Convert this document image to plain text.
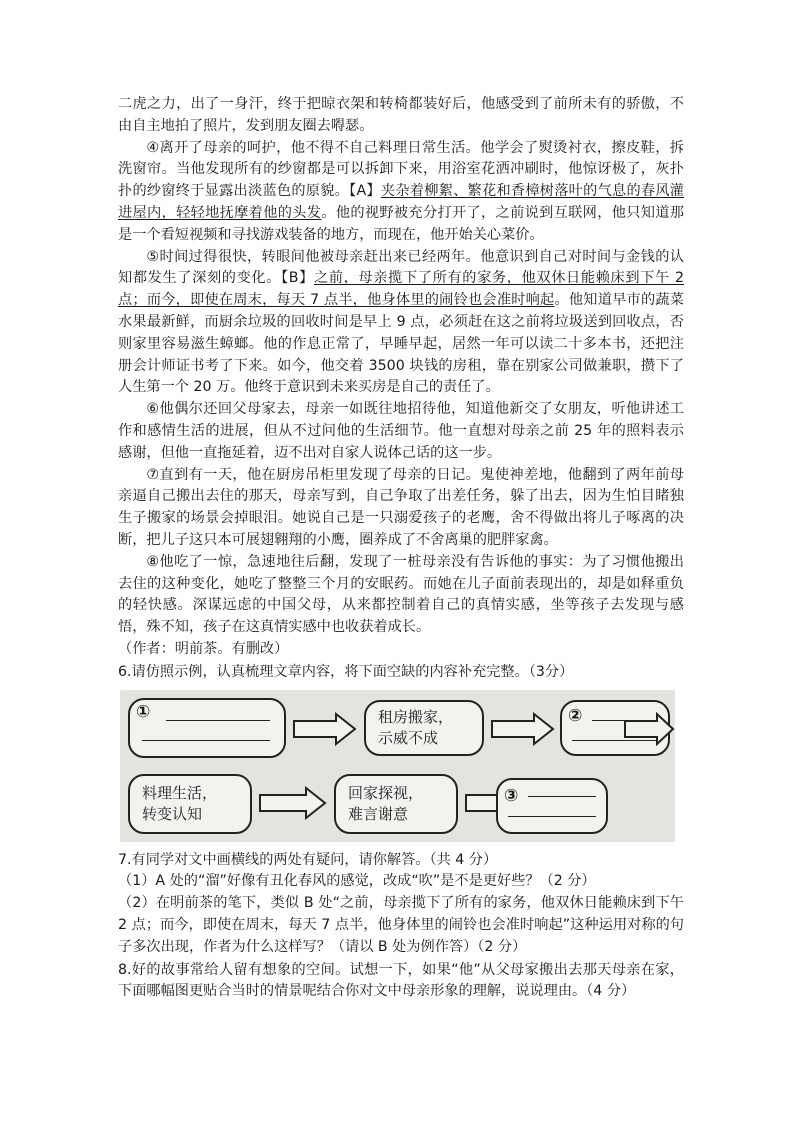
二虎之力，出了一身汗，终于把晾衣架和转椅都装好后，他感受到了前所未有的骄傲，不由自主地拍了照片，发到朋友圈去嘚瑟。

④离开了母亲的呵护，他不得不自己料理日常生活。他学会了熨烫衬衣，擦皮鞋，拆洗窗帘。当他发现所有的纱窗都是可以拆卸下来，用浴室花洒冲刷时，他惊讶极了，灰扑扑的纱窗终于显露出淡蓝色的原貌。【A】夹杂着柳絮、繁花和香樟树落叶的气息的春风灌进屋内，轻轻地抚摩着他的头发。他的视野被充分打开了，之前说到互联网，他只知道那是一个看短视频和寻找游戏装备的地方，而现在，他开始关心菜价。

⑤时间过得很快，转眼间他被母亲赶出来已经两年。他意识到自己对时间与金钱的认知都发生了深刻的变化。【B】之前，母亲揽下了所有的家务，他双休日能赖床到下午 2 点；而今，即使在周末，每天 7 点半，他身体里的闹铃也会准时响起。他知道早市的蔬菜水果最新鲜，而厨余垃圾的回收时间是早上 9 点，必须赶在这之前将垃圾送到回收点，否则家里容易滋生蟑螂。他的作息正常了，早睡早起，居然一年可以读二十多本书，还把注册会计师证书考了下来。如今，他交着 3500 块钱的房租，靠在别家公司做兼职，攒下了人生第一个 20 万。他终于意识到未来买房是自己的责任了。

⑥他偶尔还回父母家去，母亲一如既往地招待他，知道他新交了女朋友，听他讲述工作和感情生活的进展，但从不过问他的生活细节。他一直想对母亲之前 25 年的照料表示感谢，但他一直拖延着，迈不出对自家人说体己话的这一步。

⑦直到有一天，他在厨房吊柜里发现了母亲的日记。鬼使神差地，他翻到了两年前母亲逼自己搬出去住的那天，母亲写到，自己争取了出差任务，躲了出去，因为生怕目睹独生子搬家的场景会掉眼泪。她说自己是一只溺爱孩子的老鹰，舍不得做出将儿子啄离的决断，把儿子这只本可展翅翱翔的小鹰，圈养成了不舍离巢的肥胖家禽。

⑧他吃了一惊，急速地往后翻，发现了一桩母亲没有告诉他的事实：为了习惯他搬出去住的这种变化，她吃了整整三个月的安眠药。而她在儿子面前表现出的，却是如释重负的轻快感。深谋远虑的中国父母，从来都控制着自己的真情实感，坐等孩子去发现与感悟，殊不知，孩子在这真情实感中也收获着成长。

（作者：明前茶。有删改）

6.请仿照示例，认真梳理文章内容，将下面空缺的内容补充完整。（3分）

①	租房搬家，
示威不成
②
料理生活，
转变认知
回家探视，
难言谢意
③

7.有同学对文中画横线的两处有疑问，请你解答。（共 4 分）

（1）A 处的“溜”好像有丑化春风的感觉，改成“吹”是不是更好些？（2 分）

（2）在明前茶的笔下，类似 B 处“之前，母亲揽下了所有的家务，他双休日能赖床到下午 2 点；而今，即使在周末，每天 7 点半，他身体里的闹铃也会准时响起”这种运用对称的句子多次出现，作者为什么这样写？（请以 B 处为例作答）（2 分）

8.好的故事常给人留有想象的空间。试想一下，如果“他”从父母家搬出去那天母亲在家，下面哪幅图更贴合当时的情景呢结合你对文中母亲形象的理解，说说理由。（4 分）
